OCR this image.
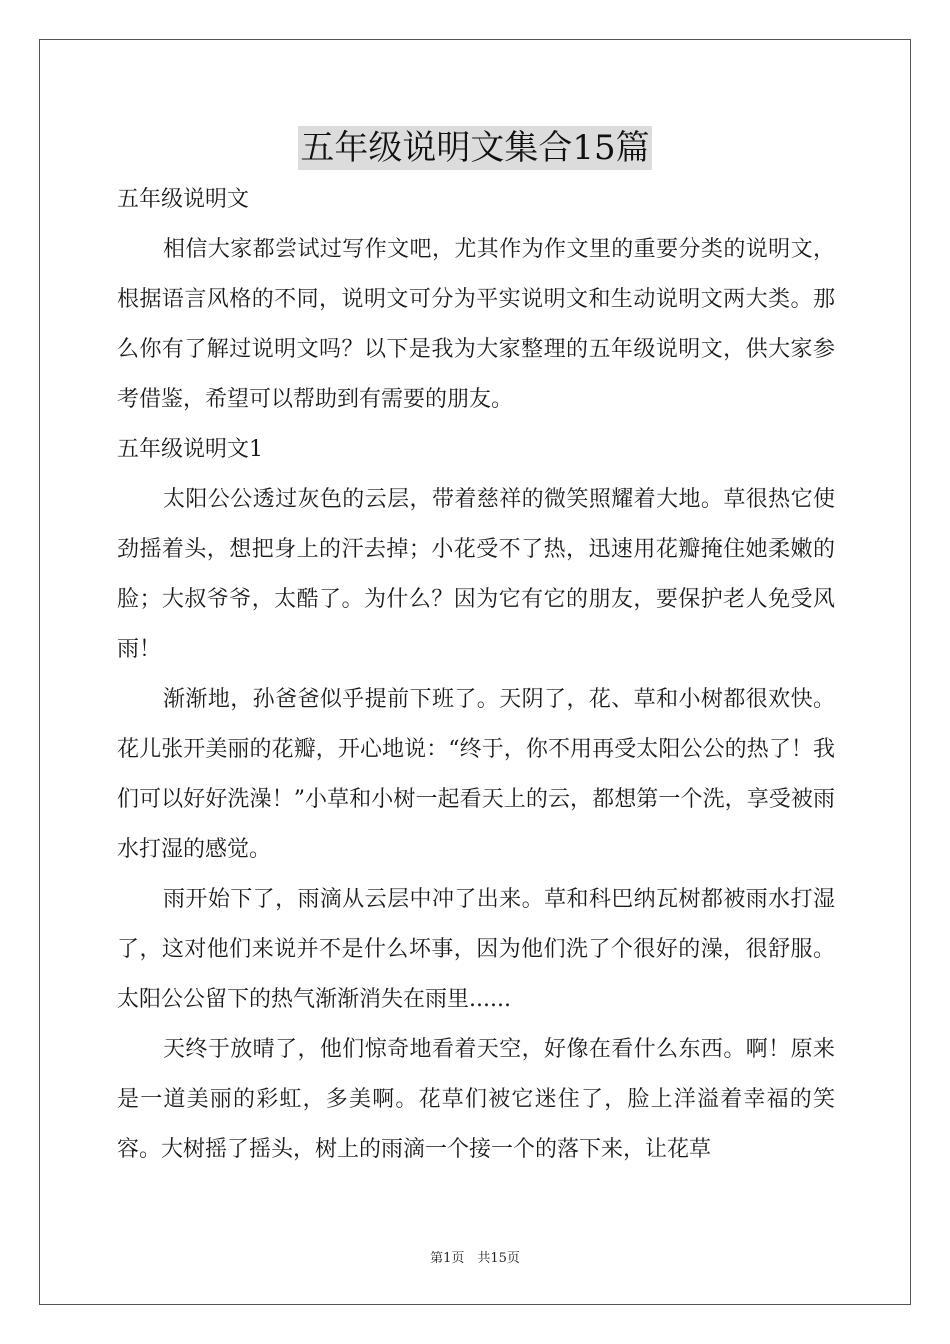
五年级说明文集合15篇

五年级说明文

相信大家都尝试过写作文吧，尤其作为作文里的重要分类的说明文，根据语言风格的不同，说明文可分为平实说明文和生动说明文两大类。那么你有了解过说明文吗？以下是我为大家整理的五年级说明文，供大家参考借鉴，希望可以帮助到有需要的朋友。

五年级说明文1

太阳公公透过灰色的云层，带着慈祥的微笑照耀着大地。草很热它使劲摇着头，想把身上的汗去掉；小花受不了热，迅速用花瓣掩住她柔嫩的脸；大叔爷爷，太酷了。为什么？因为它有它的朋友，要保护老人免受风雨！

渐渐地，孙爸爸似乎提前下班了。天阴了，花、草和小树都很欢快。花儿张开美丽的花瓣，开心地说：“终于，你不用再受太阳公公的热了！我们可以好好洗澡！”小草和小树一起看天上的云，都想第一个洗，享受被雨水打湿的感觉。

雨开始下了，雨滴从云层中冲了出来。草和科巴纳瓦树都被雨水打湿了，这对他们来说并不是什么坏事，因为他们洗了个很好的澡，很舒服。太阳公公留下的热气渐渐消失在雨里......

天终于放晴了，他们惊奇地看着天空，好像在看什么东西。啊！原来是一道美丽的彩虹，多美啊。花草们被它迷住了，脸上洋溢着幸福的笑容。大树摇了摇头，树上的雨滴一个接一个的落下来，让花草

第1页　共15页
